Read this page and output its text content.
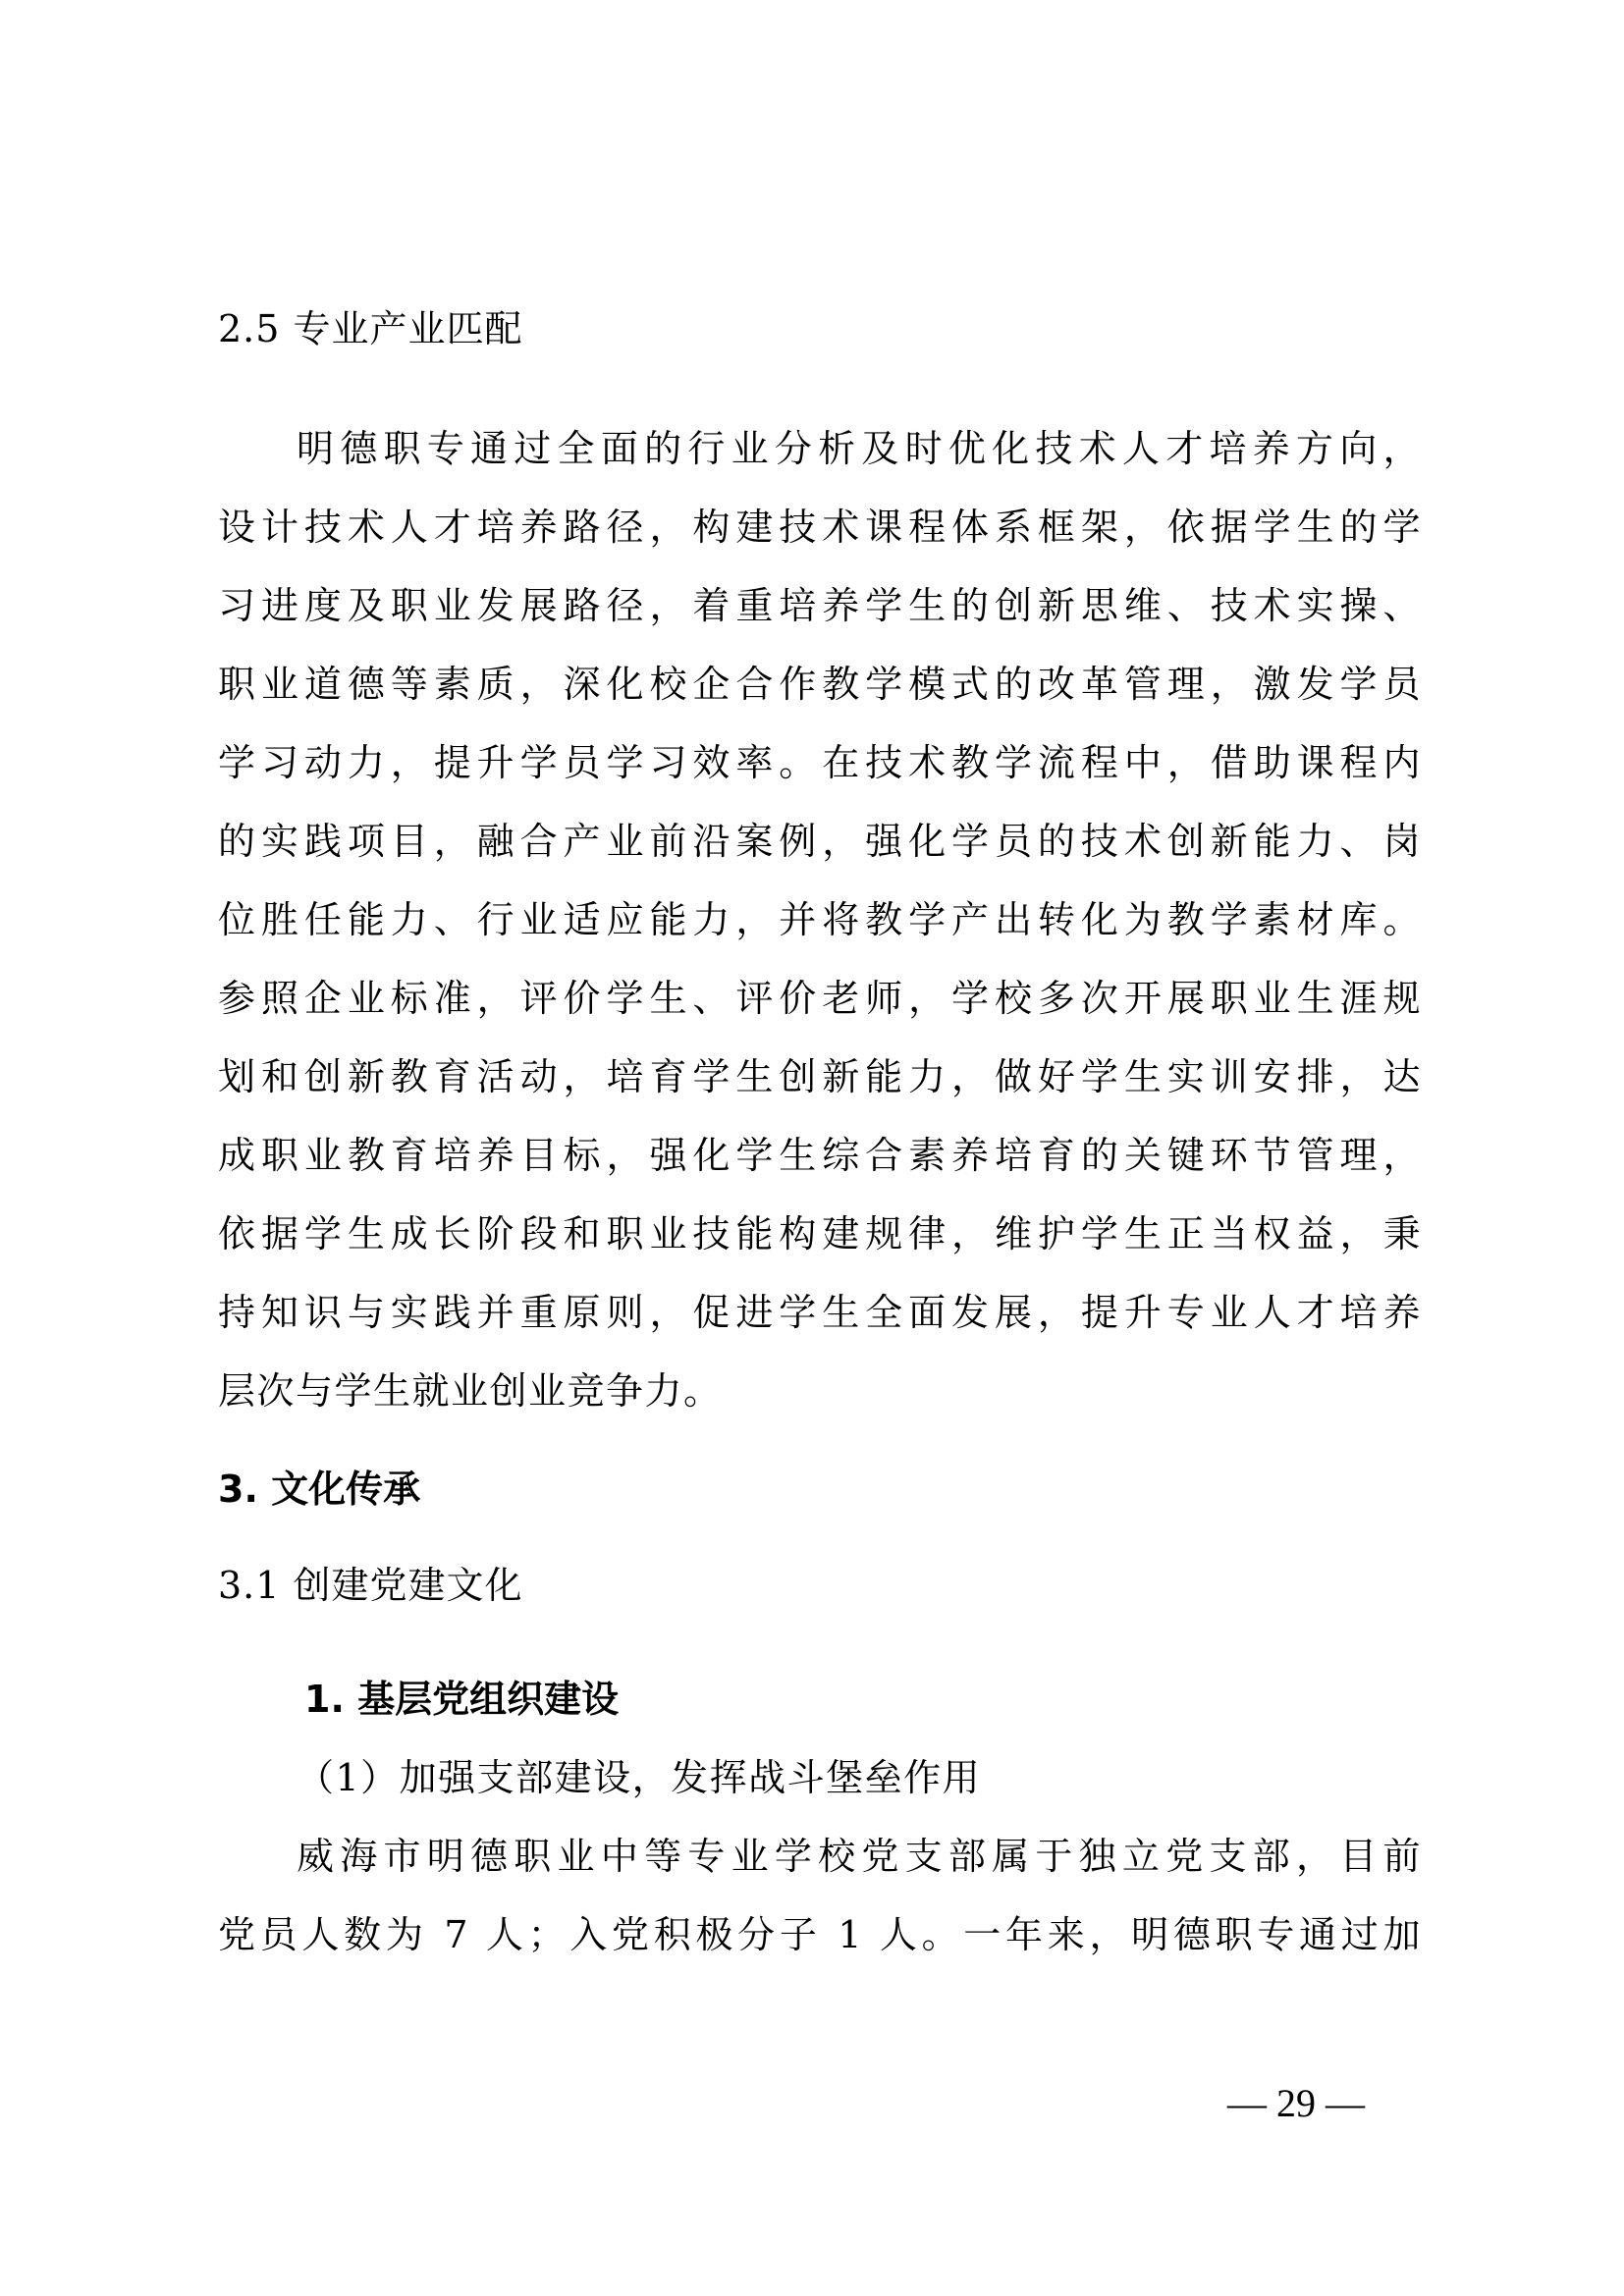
2.5 专业产业匹配
明德职专通过全面的行业分析及时优化技术人才培养方向，
设计技术人才培养路径，构建技术课程体系框架，依据学生的学
习进度及职业发展路径，着重培养学生的创新思维、技术实操、
职业道德等素质，深化校企合作教学模式的改革管理，激发学员
学习动力，提升学员学习效率。在技术教学流程中，借助课程内
的实践项目，融合产业前沿案例，强化学员的技术创新能力、岗
位胜任能力、行业适应能力，并将教学产出转化为教学素材库。
参照企业标准，评价学生、评价老师，学校多次开展职业生涯规
划和创新教育活动，培育学生创新能力，做好学生实训安排，达
成职业教育培养目标，强化学生综合素养培育的关键环节管理，
依据学生成长阶段和职业技能构建规律，维护学生正当权益，秉
持知识与实践并重原则，促进学生全面发展，提升专业人才培养
层次与学生就业创业竞争力。
3. 文化传承
3.1 创建党建文化
1. 基层党组织建设
（1）加强支部建设，发挥战斗堡垒作用
威海市明德职业中等专业学校党支部属于独立党支部，目前
党员人数为 7 人；入党积极分子 1 人。一年来，明德职专通过加
— 29 —
